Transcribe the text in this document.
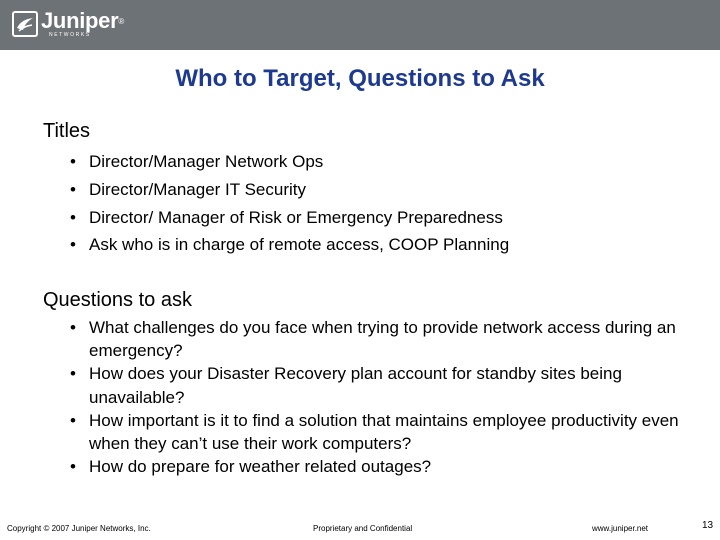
Juniper®
NETWORKS
Who to Target, Questions to Ask
Titles
• Director/Manager Network Ops
• Director/Manager IT Security
• Director/ Manager of Risk or Emergency Preparedness
• Ask who is in charge of remote access, COOP Planning
Questions to ask
• What challenges do you face when trying to provide network access during an emergency?
• How does your Disaster Recovery plan account for standby sites being unavailable?
• How important is it to find a solution that maintains employee productivity even when they can’t use their work computers?
• How do prepare for weather related outages?
Copyright © 2007 Juniper Networks, Inc.	Proprietary and Confidential	www.juniper.net	13
